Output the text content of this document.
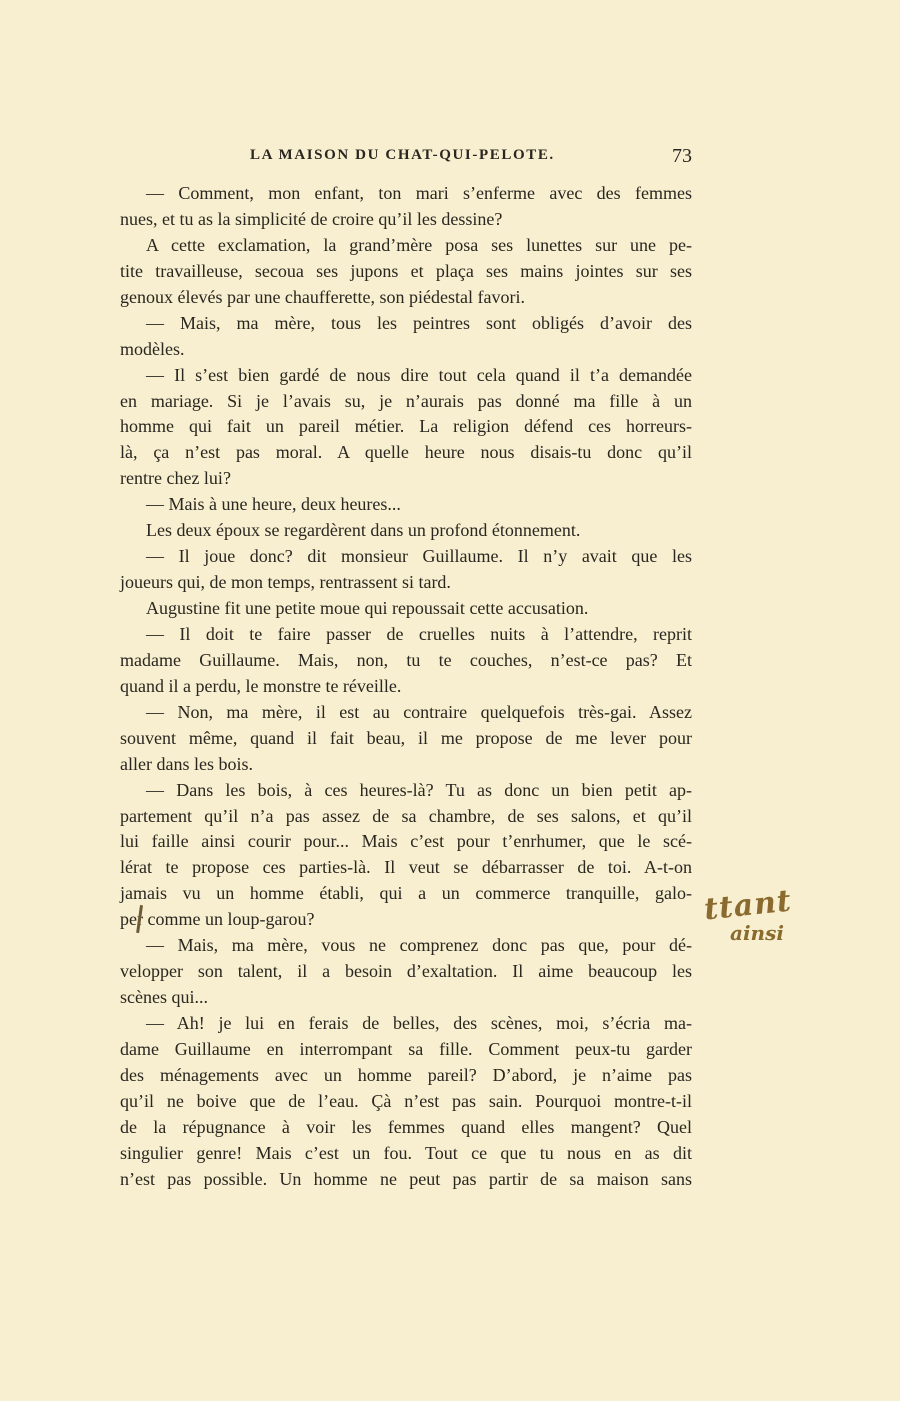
LA MAISON DU CHAT-QUI-PELOTE.	73
— Comment, mon enfant, ton mari s’enferme avec des femmes
nues, et tu as la simplicité de croire qu’il les dessine?
A cette exclamation, la grand’mère posa ses lunettes sur une pe-
tite travailleuse, secoua ses jupons et plaça ses mains jointes sur ses
genoux élevés par une chaufferette, son piédestal favori.
— Mais, ma mère, tous les peintres sont obligés d’avoir des
modèles.
— Il s’est bien gardé de nous dire tout cela quand il t’a demandée
en mariage. Si je l’avais su, je n’aurais pas donné ma fille à un
homme qui fait un pareil métier. La religion défend ces horreurs-
là, ça n’est pas moral. A quelle heure nous disais-tu donc qu’il
rentre chez lui?
— Mais à une heure, deux heures...
Les deux époux se regardèrent dans un profond étonnement.
— Il joue donc? dit monsieur Guillaume. Il n’y avait que les
joueurs qui, de mon temps, rentrassent si tard.
Augustine fit une petite moue qui repoussait cette accusation.
— Il doit te faire passer de cruelles nuits à l’attendre, reprit
madame Guillaume. Mais, non, tu te couches, n’est-ce pas? Et
quand il a perdu, le monstre te réveille.
— Non, ma mère, il est au contraire quelquefois très-gai. Assez
souvent même, quand il fait beau, il me propose de me lever pour
aller dans les bois.
— Dans les bois, à ces heures-là? Tu as donc un bien petit ap-
partement qu’il n’a pas assez de sa chambre, de ses salons, et qu’il
lui faille ainsi courir pour... Mais c’est pour t’enrhumer, que le scé-
lérat te propose ces parties-là. Il veut se débarrasser de toi. A-t-on
jamais vu un homme établi, qui a un commerce tranquille, galo-
per comme un loup-garou?
— Mais, ma mère, vous ne comprenez donc pas que, pour dé-
velopper son talent, il a besoin d’exaltation. Il aime beaucoup les
scènes qui...
— Ah! je lui en ferais de belles, des scènes, moi, s’écria ma-
dame Guillaume en interrompant sa fille. Comment peux-tu garder
des ménagements avec un homme pareil? D’abord, je n’aime pas
qu’il ne boive que de l’eau. Çà n’est pas sain. Pourquoi montre-t-il
de la répugnance à voir les femmes quand elles mangent? Quel
singulier genre! Mais c’est un fou. Tout ce que tu nous en as dit
n’est pas possible. Un homme ne peut pas partir de sa maison sans
ttant
ainsi
